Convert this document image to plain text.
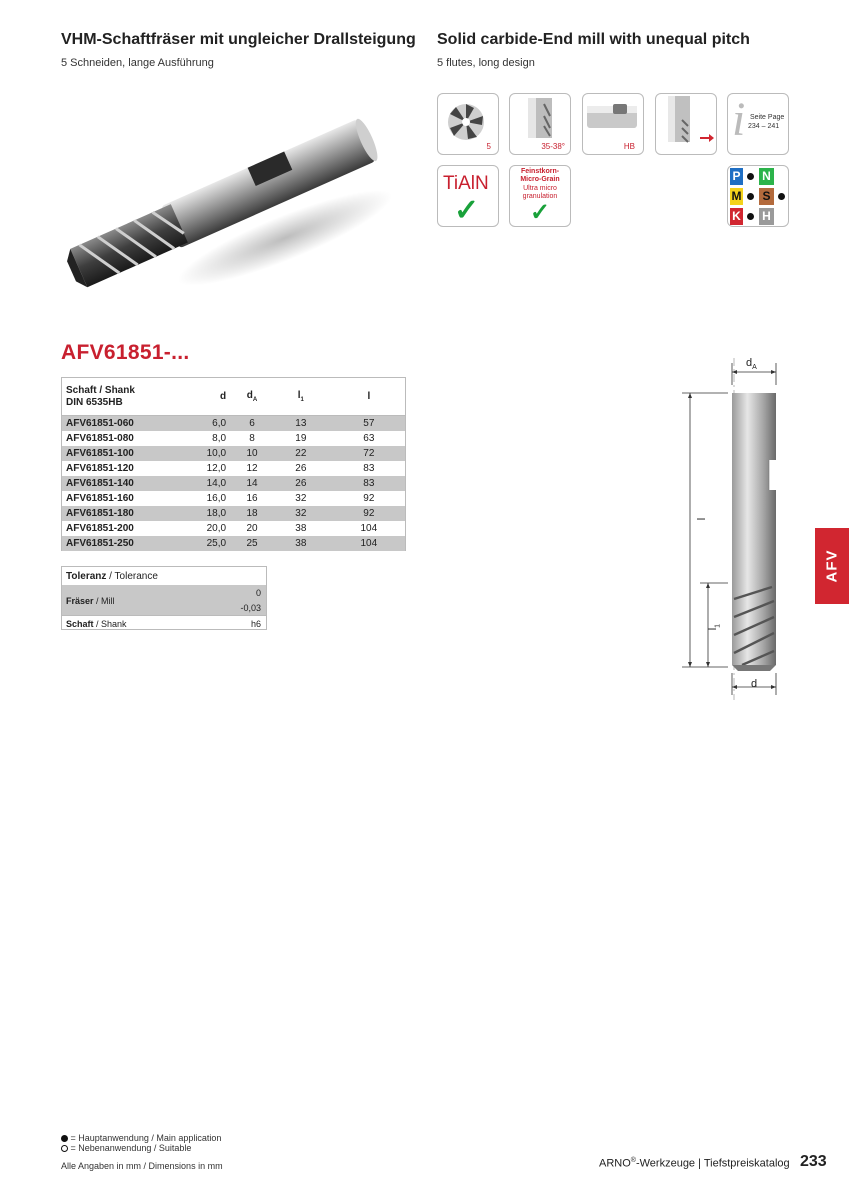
VHM-Schaftfräser mit ungleicher Drallsteigung
5 Schneiden, lange Ausführung
Solid carbide-End mill with unequal pitch
5 flutes, long design
5	35-38°	HB
i Seite Page
234 – 241
TiAlN
✓
Feinstkorn-
Micro-Grain
Ultra micro
granulation
✓
P N
M S
K H
AFV61851-...
Schaft / Shank
DIN 6535HB	d	$d_A$	$l_1$	l
AFV61851-060	6,0	6	13	57
AFV61851-080	8,0	8	19	63
AFV61851-100	10,0	10	22	72
AFV61851-120	12,0	12	26	83
AFV61851-140	14,0	14	26	83
AFV61851-160	16,0	16	32	92
AFV61851-180	18,0	18	32	92
AFV61851-200	20,0	20	38	104
AFV61851-250	25,0	25	38	104
Toleranz / Tolerance
Fräser / Mill
0
-0,03
Schaft / Shank	h6
$d_A$
l
$l_1$
d
AFV
= Hauptanwendung / Main application
= Nebenanwendung / Suitable
Alle Angaben in mm / Dimensions in mm	ARNO®-Werkzeuge | Tiefstpreiskatalog 233
